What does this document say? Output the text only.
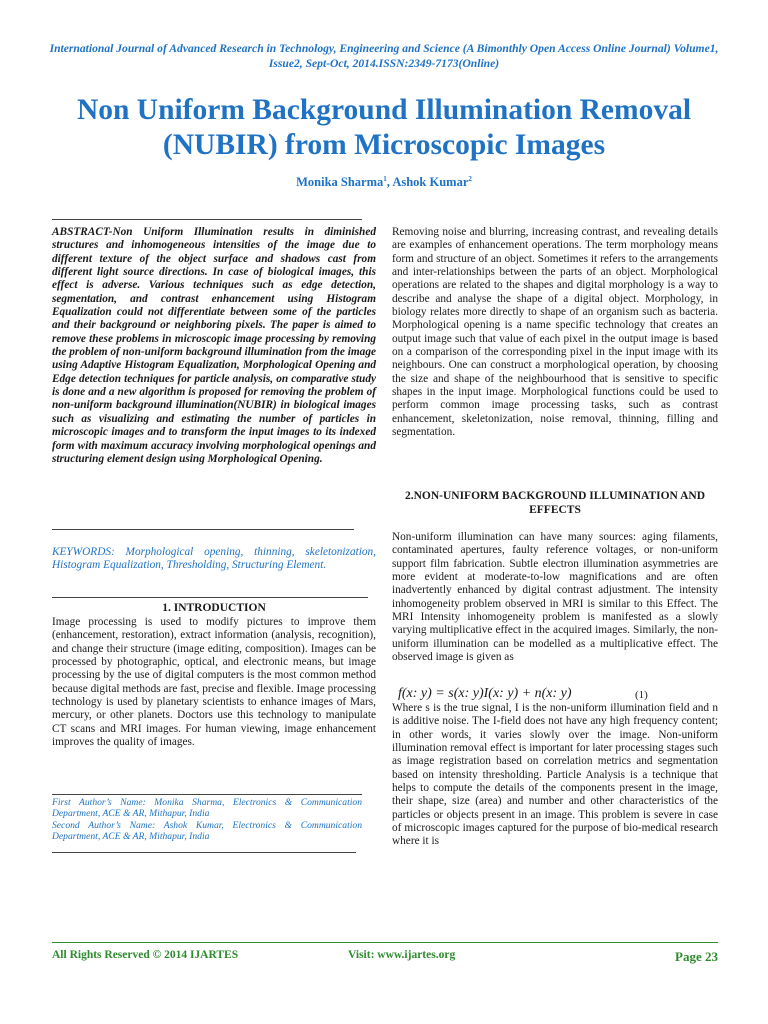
International Journal of Advanced Research in Technology, Engineering and Science (A Bimonthly Open Access Online Journal) Volume1, Issue2, Sept-Oct, 2014.ISSN:2349-7173(Online)
Non Uniform Background Illumination Removal (NUBIR) from Microscopic Images
Monika Sharma$^1$, Ashok Kumar$^2$
ABSTRACT-Non Uniform Illumination results in diminished structures and inhomogeneous intensities of the image due to different texture of the object surface and shadows cast from different light source directions. In case of biological images, this effect is adverse. Various techniques such as edge detection, segmentation, and contrast enhancement using Histogram Equalization could not differentiate between some of the particles and their background or neighboring pixels. The paper is aimed to remove these problems in microscopic image processing by removing the problem of non-uniform background illumination from the image using Adaptive Histogram Equalization, Morphological Opening and Edge detection techniques for particle analysis, on comparative study is done and a new algorithm is proposed for removing the problem of non-uniform background illumination(NUBIR) in biological images such as visualizing and estimating the number of particles in microscopic images and to transform the input images to its indexed form with maximum accuracy involving morphological openings and structuring element design using Morphological Opening.
KEYWORDS: Morphological opening, thinning, skeletonization, Histogram Equalization, Thresholding, Structuring Element.
1. INTRODUCTION
Image processing is used to modify pictures to improve them (enhancement, restoration), extract information (analysis, recognition), and change their structure (image editing, composition). Images can be processed by photographic, optical, and electronic means, but image processing by the use of digital computers is the most common method because digital methods are fast, precise and flexible. Image processing technology is used by planetary scientists to enhance images of Mars, mercury, or other planets. Doctors use this technology to manipulate CT scans and MRI images. For human viewing, image enhancement improves the quality of images.

First Author’s Name: Monika Sharma, Electronics & Communication Department, ACE & AR, Mithapur, India

Second Author’s Name: Ashok Kumar, Electronics & Communication Department, ACE & AR, Mithapur, India

Removing noise and blurring, increasing contrast, and revealing details are examples of enhancement operations. The term morphology means form and structure of an object. Sometimes it refers to the arrangements and inter-relationships between the parts of an object. Morphological operations are related to the shapes and digital morphology is a way to describe and analyse the shape of a digital object. Morphology, in biology relates more directly to shape of an organism such as bacteria. Morphological opening is a name specific technology that creates an output image such that value of each pixel in the output image is based on a comparison of the corresponding pixel in the input image with its neighbours. One can construct a morphological operation, by choosing the size and shape of the neighbourhood that is sensitive to specific shapes in the input image. Morphological functions could be used to perform common image processing tasks, such as contrast enhancement, skeletonization, noise removal, thinning, filling and segmentation.
2.NON-UNIFORM BACKGROUND ILLUMINATION AND EFFECTS
Non-uniform illumination can have many sources: aging filaments, contaminated apertures, faulty reference voltages, or non-uniform support film fabrication. Subtle electron illumination asymmetries are more evident at moderate-to-low magnifications and are often inadvertently enhanced by digital contrast adjustment. The intensity inhomogeneity problem observed in MRI is similar to this Effect. The MRI Intensity inhomogeneity problem is manifested as a slowly varying multiplicative effect in the acquired images. Similarly, the non-uniform illumination can be modelled as a multiplicative effect. The observed image is given as
f(x: y) = s(x: y)I(x: y) + n(x: y)	(1)
Where s is the true signal, I is the non-uniform illumination field and n is additive noise. The I-field does not have any high frequency content; in other words, it varies slowly over the image. Non-uniform illumination removal effect is important for later processing stages such as image registration based on correlation metrics and segmentation based on intensity thresholding. Particle Analysis is a technique that helps to compute the details of the components present in the image, their shape, size (area) and number and other characteristics of the particles or objects present in an image. This problem is severe in case of microscopic images captured for the purpose of bio-medical research where it is
All Rights Reserved © 2014 IJARTES	Visit: www.ijartes.org	Page 23
